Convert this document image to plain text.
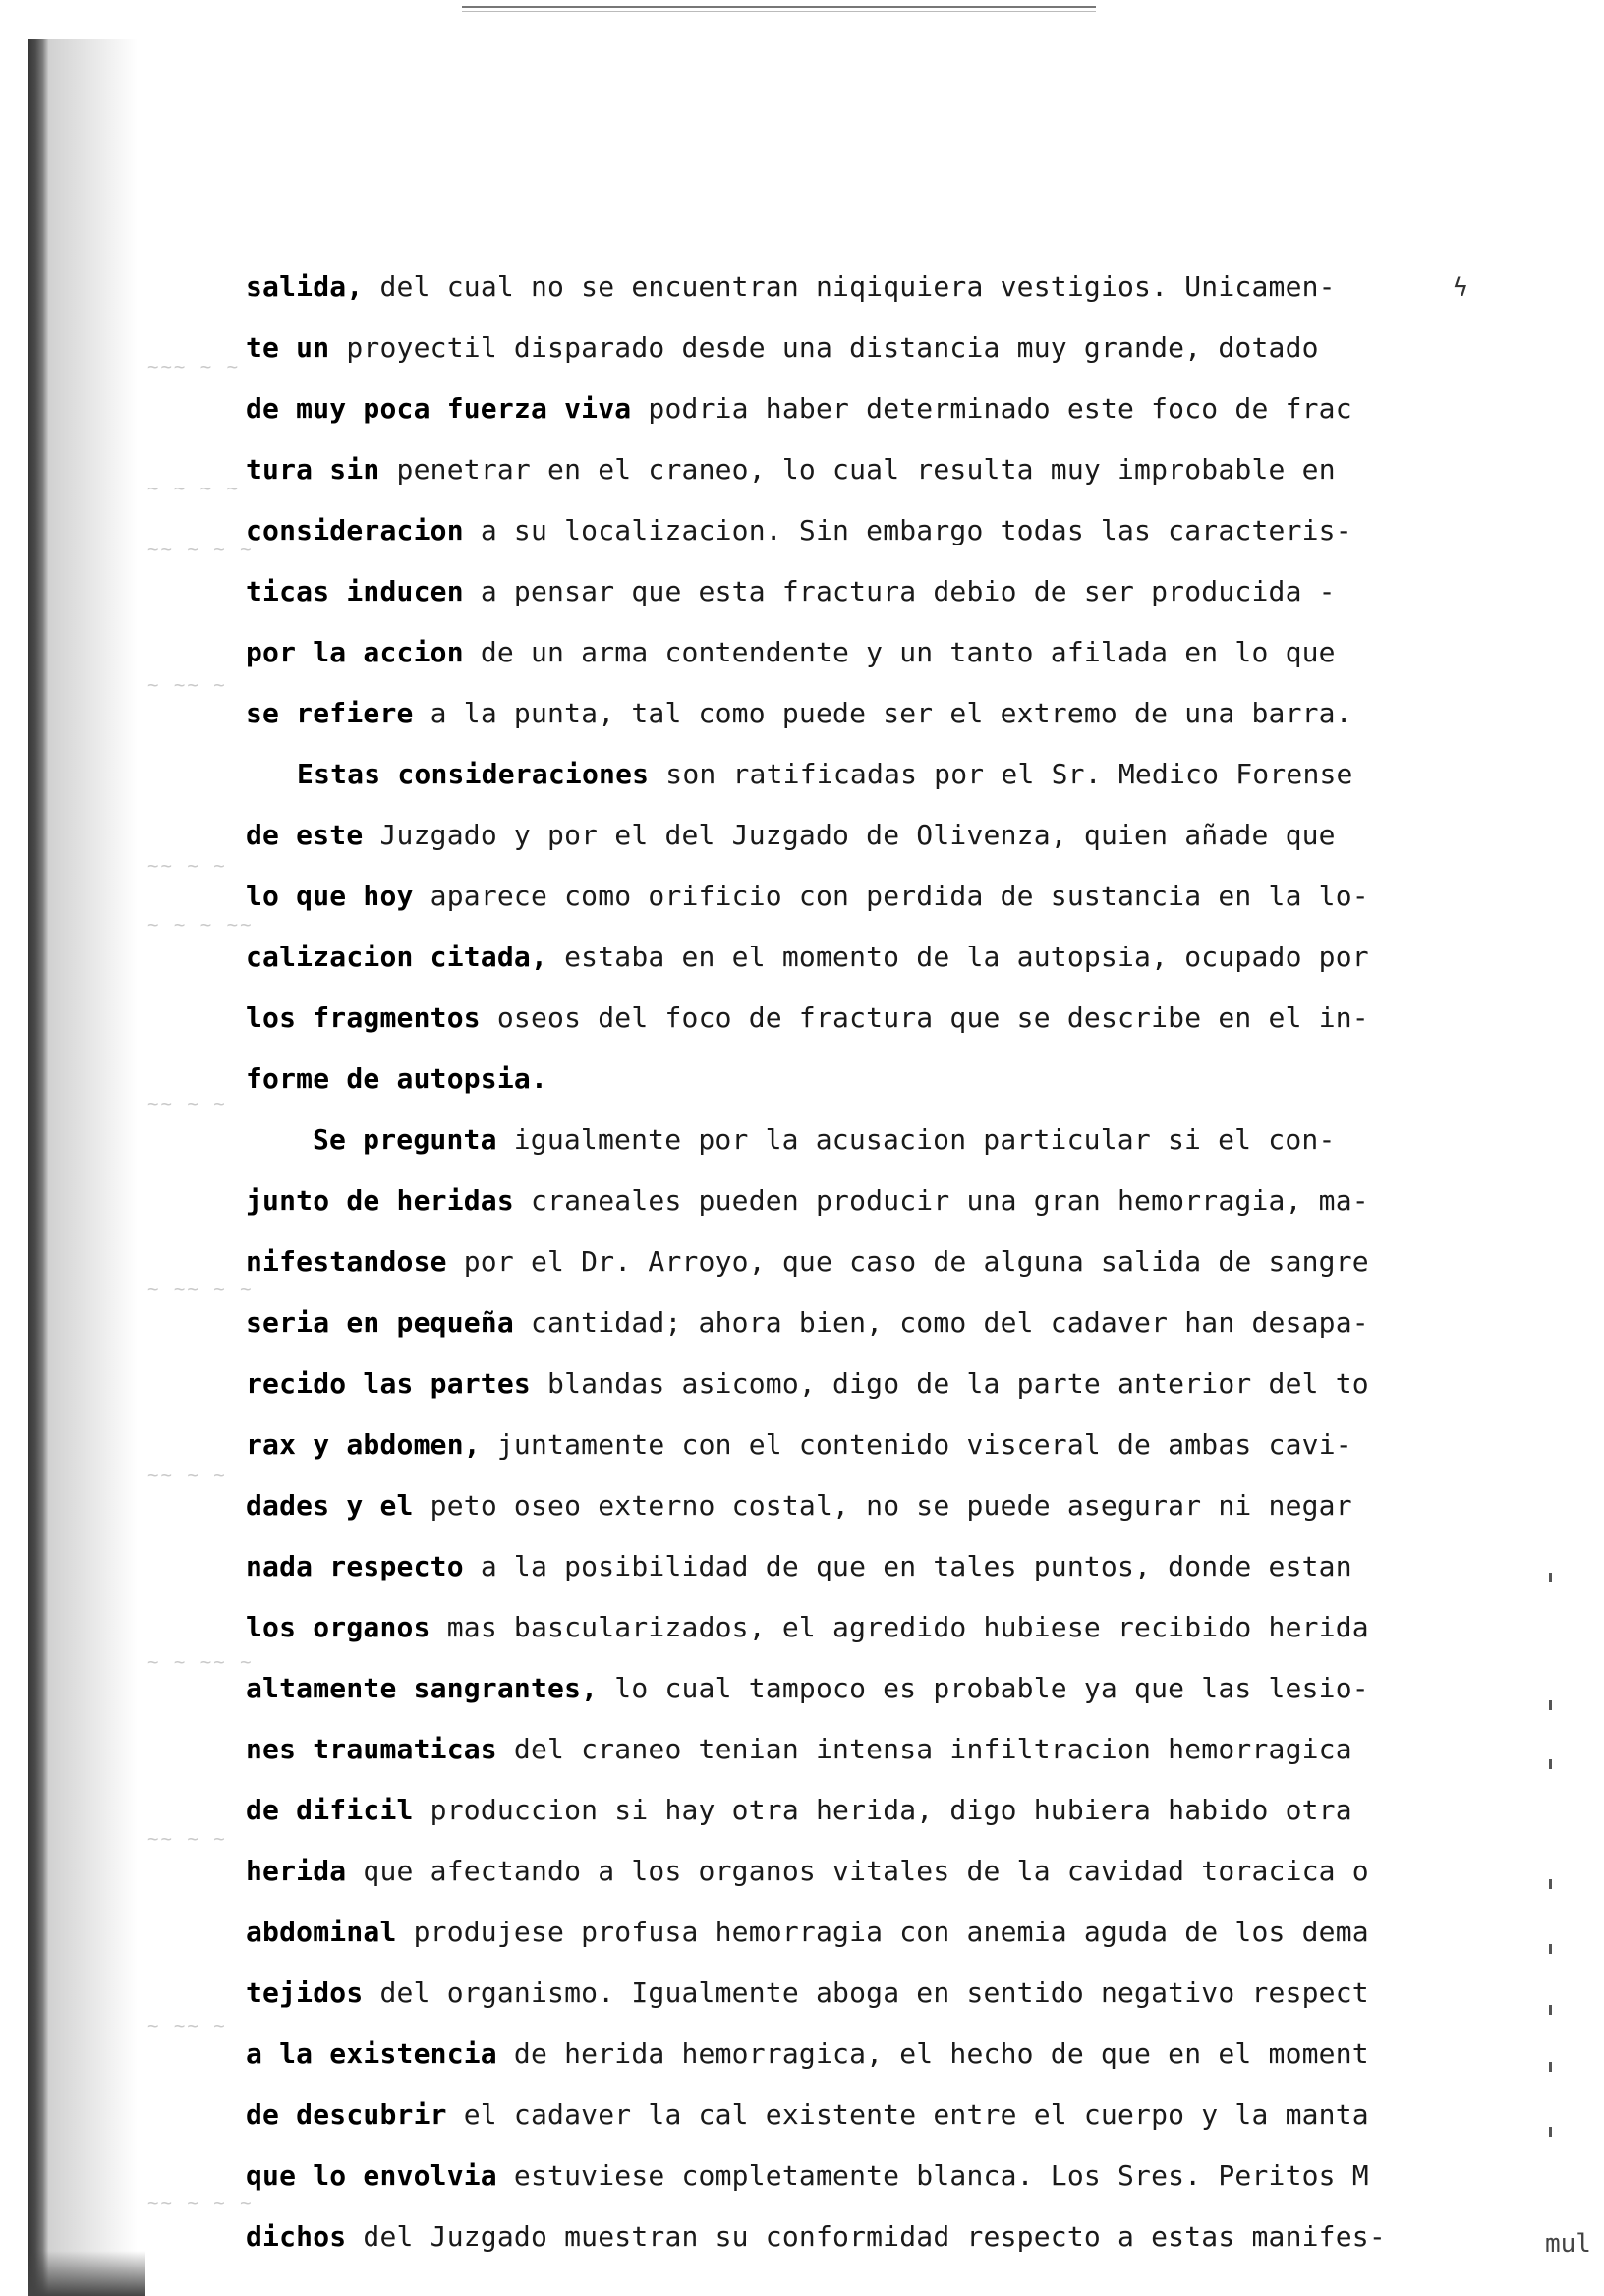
~~~ ~ ~
~ ~ ~ ~
~~ ~ ~ ~
~ ~~ ~
~~ ~ ~
~ ~ ~ ~~
~~ ~ ~
~ ~~ ~ ~
~~ ~ ~
~ ~ ~~ ~
~~ ~ ~
~ ~~ ~
~~ ~ ~ ~
salida, del cual no se encuentran niqiquiera vestigios. Unicamen-
te un proyectil disparado desde una distancia muy grande, dotado
de muy poca fuerza viva podria haber determinado este foco de frac
tura sin penetrar en el craneo, lo cual resulta muy improbable en
consideracion a su localizacion. Sin embargo todas las caracteris-
ticas inducen a pensar que esta fractura debio de ser producida -
por la accion de un arma contendente y un tanto afilada en lo que
se refiere a la punta, tal como puede ser el extremo de una barra.
Estas consideraciones son ratificadas por el Sr. Medico Forense
de este Juzgado y por el del Juzgado de Olivenza, quien añade que
lo que hoy aparece como orificio con perdida de sustancia en la lo-
calizacion citada, estaba en el momento de la autopsia, ocupado por
los fragmentos oseos del foco de fractura que se describe en el in-
forme de autopsia.
Se pregunta igualmente por la acusacion particular si el con-
junto de heridas craneales pueden producir una gran hemorragia, ma-
nifestandose por el Dr. Arroyo, que caso de alguna salida de sangre
seria en pequeña cantidad; ahora bien, como del cadaver han desapa-
recido las partes blandas asicomo, digo de la parte anterior del to
rax y abdomen, juntamente con el contenido visceral de ambas cavi-
dades y el peto oseo externo costal, no se puede asegurar ni negar
nada respecto a la posibilidad de que en tales puntos, donde estan
los organos mas bascularizados, el agredido hubiese recibido herida
altamente sangrantes, lo cual tampoco es probable ya que las lesio-
nes traumaticas del craneo tenian intensa infiltracion hemorragica
de dificil produccion si hay otra herida, digo hubiera habido otra
herida que afectando a los organos vitales de la cavidad toracica o
abdominal produjese profusa hemorragia con anemia aguda de los dema
tejidos del organismo. Igualmente aboga en sentido negativo respect
a la existencia de herida hemorragica, el hecho de que en el moment
de descubrir el cadaver la cal existente entre el cuerpo y la manta
que lo envolvia estuviese completamente blanca. Los Sres. Peritos M
dichos del Juzgado muestran su conformidad respecto a estas manifes-
ϟ
mul
